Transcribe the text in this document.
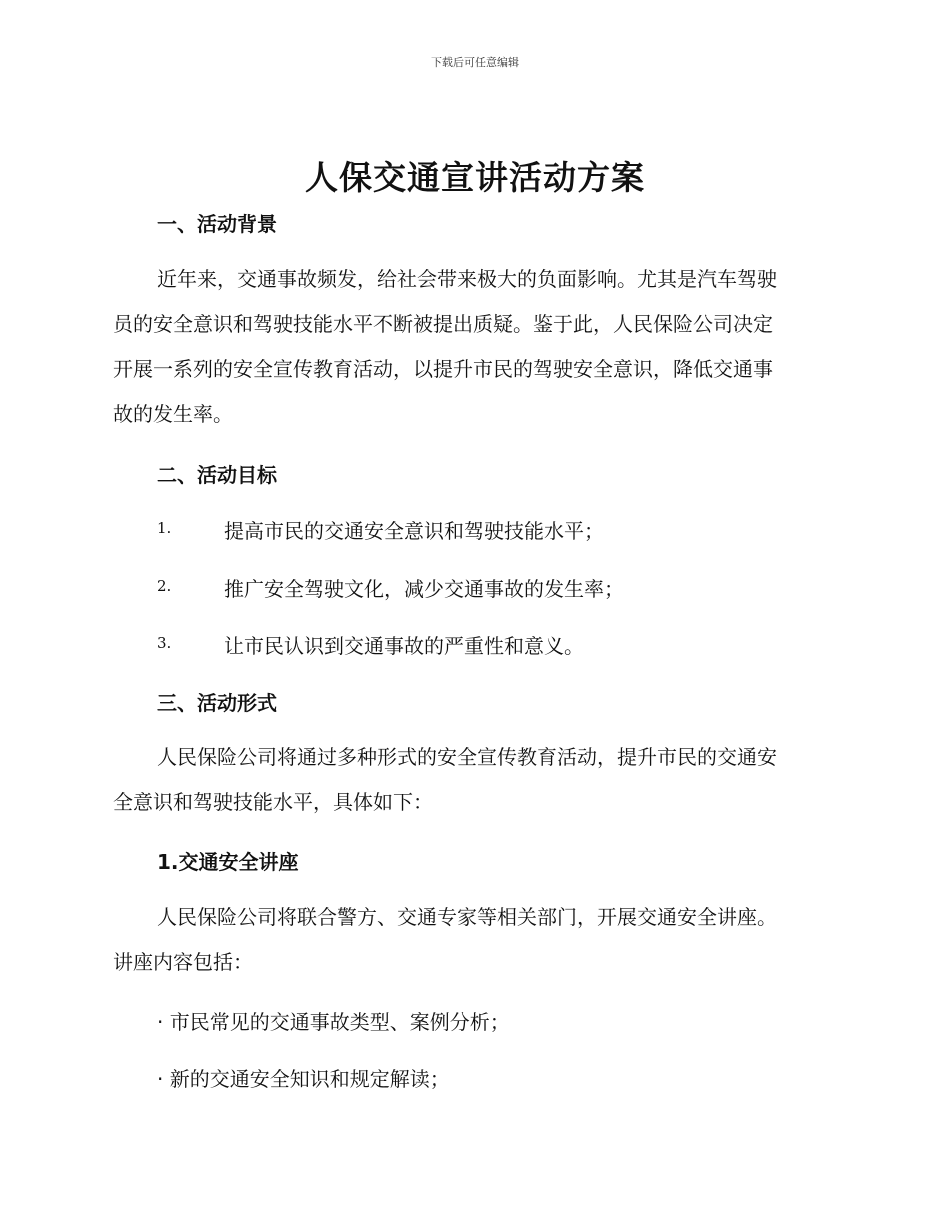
下载后可任意编辑
人保交通宣讲活动方案
一、活动背景
近年来，交通事故频发，给社会带来极大的负面影响。尤其是汽车驾驶
员的安全意识和驾驶技能水平不断被提出质疑。鉴于此，人民保险公司决定
开展一系列的安全宣传教育活动，以提升市民的驾驶安全意识，降低交通事
故的发生率。
二、活动目标
1.	提高市民的交通安全意识和驾驶技能水平；
2.	推广安全驾驶文化，减少交通事故的发生率；
3.	让市民认识到交通事故的严重性和意义。
三、活动形式
人民保险公司将通过多种形式的安全宣传教育活动，提升市民的交通安
全意识和驾驶技能水平，具体如下：
1.交通安全讲座
人民保险公司将联合警方、交通专家等相关部门，开展交通安全讲座。
讲座内容包括：
· 市民常见的交通事故类型、案例分析；
· 新的交通安全知识和规定解读；
